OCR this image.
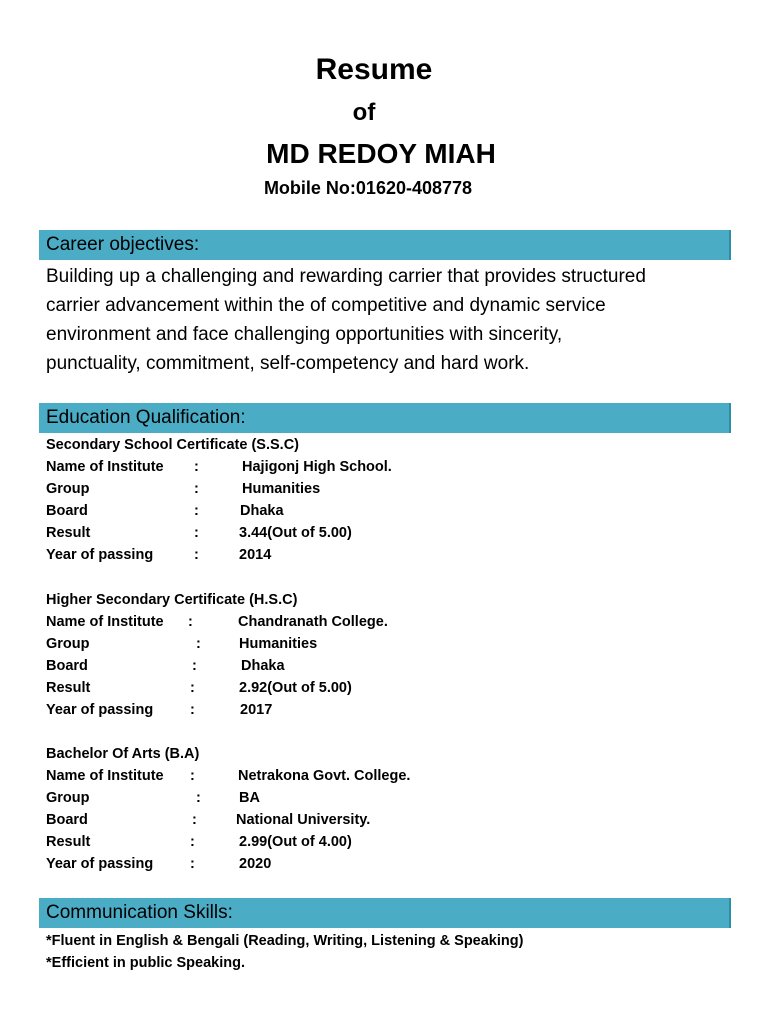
Resume
of
MD REDOY MIAH
Mobile No:01620-408778
Career objectives:
Building up a challenging and rewarding carrier that provides structured
carrier advancement within the of competitive and dynamic service
environment and face challenging opportunities with sincerity,
punctuality, commitment, self-competency and hard work.
Education Qualification:
Secondary School Certificate (S.S.C)
Name of Institute :	Hajigonj High School.
Group	:	Humanities
Board	:	Dhaka
Result	:	3.44(Out of 5.00)
Year of passing	:	2014
Higher Secondary Certificate (H.S.C)
Name of Institute :	Chandranath College.
Group	:	Humanities
Board	:	Dhaka
Result	:	2.92(Out of 5.00)
Year of passing	:	2017
Bachelor Of Arts (B.A)
Name of Institute :	Netrakona Govt. College.
Group	:	BA
Board	:	National University.
Result	:	2.99(Out of 4.00)
Year of passing	:	2020
Communication Skills:
*Fluent in English & Bengali (Reading, Writing, Listening & Speaking)
*Efficient in public Speaking.
